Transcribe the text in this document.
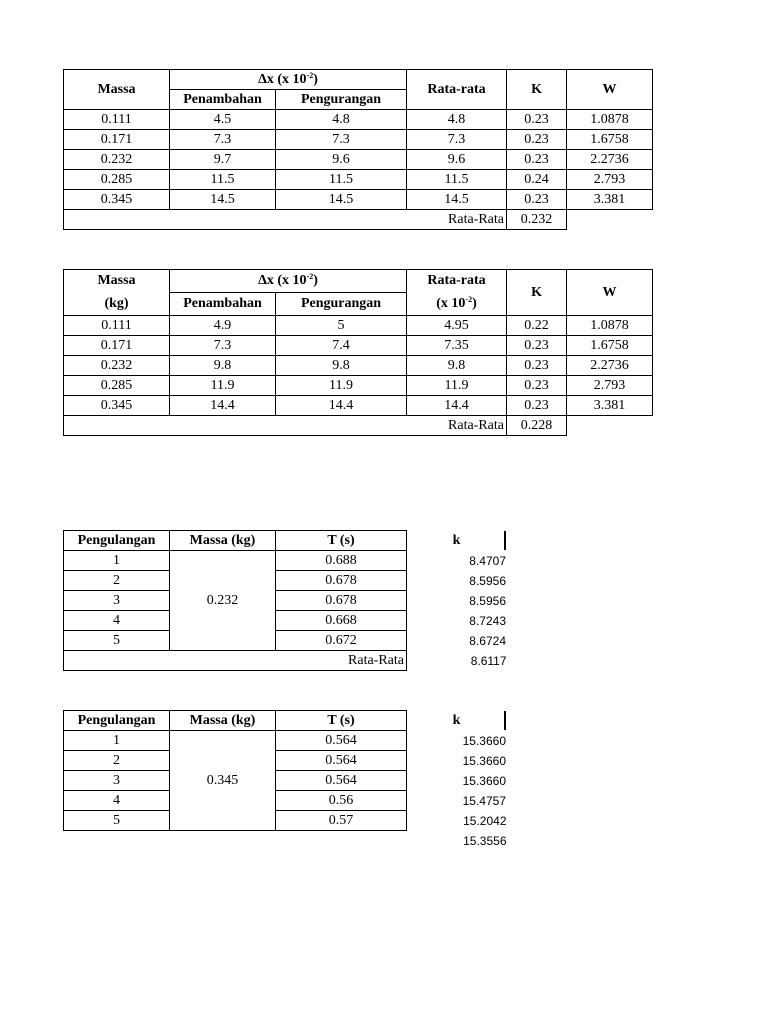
Massa	Δx (x $10^{-2}$)		Rata-rata	K	W
	Penambahan	Pengurangan			
0.111	4.5	4.8	4.8	0.23	1.0878
0.171	7.3	7.3	7.3	0.23	1.6758
0.232	9.7	9.6	9.6	0.23	2.2736
0.285	11.5	11.5	11.5	0.24	2.793
0.345	14.5	14.5	14.5	0.23	3.381
Rata-Rata				0.232	
Massa	Δx (x $10^{-2}$)		Rata-rata	K	W
(kg)	Penambahan	Pengurangan	(x $10^{-2}$)		
0.111	4.9	5	4.95	0.22	1.0878
0.171	7.3	7.4	7.35	0.23	1.6758
0.232	9.8	9.8	9.8	0.23	2.2736
0.285	11.9	11.9	11.9	0.23	2.793
0.345	14.4	14.4	14.4	0.23	3.381
Rata-Rata				0.228	
Pengulangan	Massa (kg)	T (s)	k
1	0.232	0.688	8.4707
2		0.678	8.5956
3		0.678	8.5956
4		0.668	8.7243
5		0.672	8.6724
Rata-Rata			8.6117
Pengulangan	Massa (kg)	T (s)	k
1	0.345	0.564	15.3660
2		0.564	15.3660
3		0.564	15.3660
4		0.56	15.4757
5		0.57	15.2042
			15.3556
